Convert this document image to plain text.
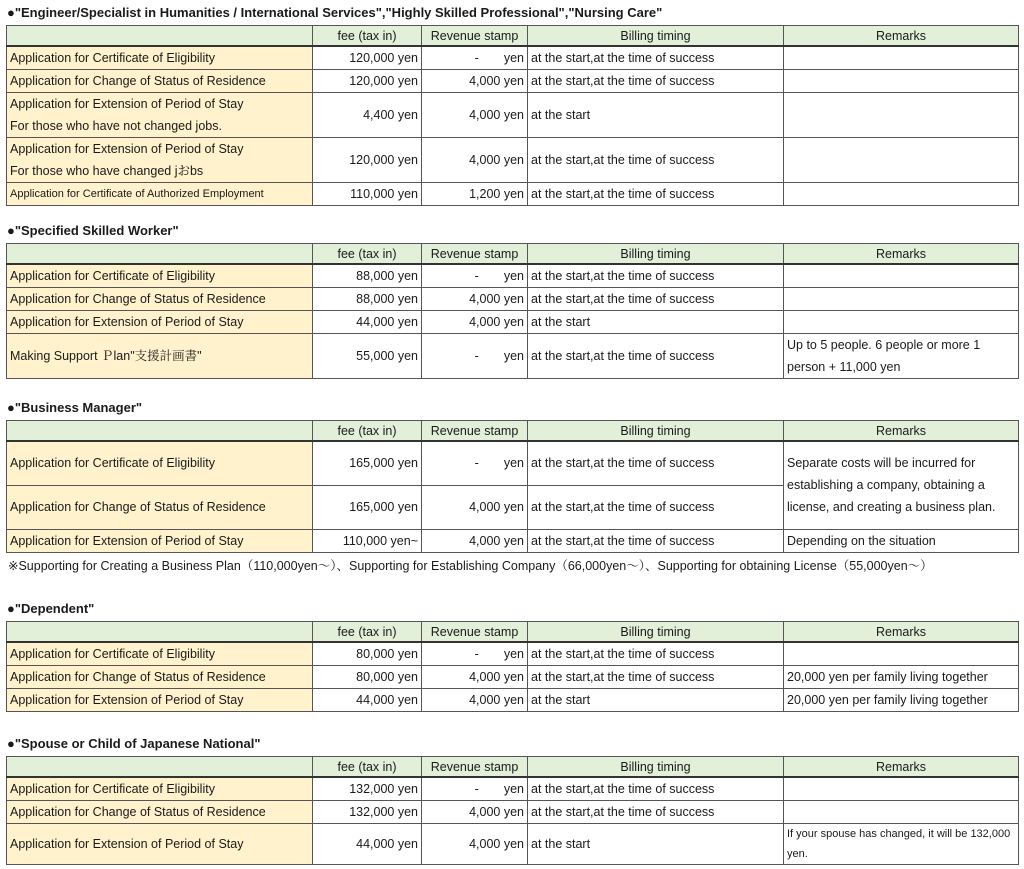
●"Engineer/Specialist in Humanities / International Services","Highly Skilled Professional","Nursing Care"
	fee (tax in)	Revenue stamp	Billing timing	Remarks
Application for Certificate of Eligibility	120,000 yen	-　　yen	at the start,at the time of success	
Application for Change of Status of Residence	120,000 yen	4,000 yen	at the start,at the time of success	

Application for Extension of Period of Stay
For those who have not changed jobs.	4,400 yen	4,000 yen	at the start	

Application for Extension of Period of Stay
For those who have changed jおbs	120,000 yen	4,000 yen	at the start,at the time of success	
Application for Certificate of Authorized Employment	110,000 yen	1,200 yen	at the start,at the time of success	
●"Specified Skilled Worker"
	fee (tax in)	Revenue stamp	Billing timing	Remarks
Application for Certificate of Eligibility	88,000 yen	-　　yen	at the start,at the time of success	
Application for Change of Status of Residence	88,000 yen	4,000 yen	at the start,at the time of success	
Application for Extension of Period of Stay	44,000 yen	4,000 yen	at the start	
Making Support Ｐlan"支援計画書"	55,000 yen	-　　yen	at the start,at the time of success	Up to 5 people. 6 people or more 1 person + 11,000 yen
●"Business Manager"
	fee (tax in)	Revenue stamp	Billing timing	Remarks
Application for Certificate of Eligibility	165,000 yen	-　　yen	at the start,at the time of success	Separate costs will be incurred for establishing a company, obtaining a license, and creating a business plan.
Application for Change of Status of Residence	165,000 yen	4,000 yen	at the start,at the time of success	
Application for Extension of Period of Stay	110,000 yen~	4,000 yen	at the start,at the time of success	Depending on the situation
※Supporting for Creating a Business Plan（110,000yen～）、Supporting for Establishing Company（66,000yen～）、Supporting for obtaining License（55,000yen～）
●"Dependent"
	fee (tax in)	Revenue stamp	Billing timing	Remarks
Application for Certificate of Eligibility	80,000 yen	-　　yen	at the start,at the time of success	
Application for Change of Status of Residence	80,000 yen	4,000 yen	at the start,at the time of success	20,000 yen per family living together
Application for Extension of Period of Stay	44,000 yen	4,000 yen	at the start	20,000 yen per family living together
●"Spouse or Child of Japanese National"
	fee (tax in)	Revenue stamp	Billing timing	Remarks
Application for Certificate of Eligibility	132,000 yen	-　　yen	at the start,at the time of success	
Application for Change of Status of Residence	132,000 yen	4,000 yen	at the start,at the time of success	
Application for Extension of Period of Stay	44,000 yen	4,000 yen	at the start	If your spouse has changed, it will be 132,000 yen.
